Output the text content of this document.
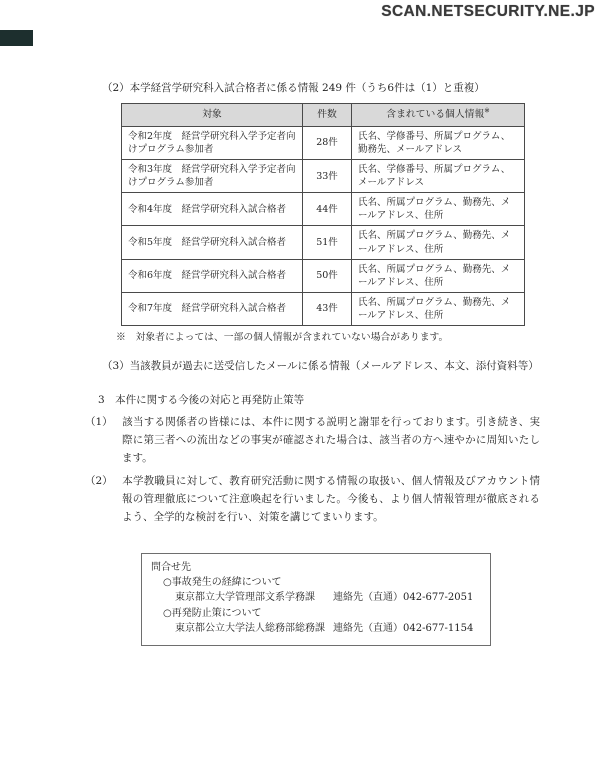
SCAN.NETSECURITY.NE.JP

（2）本学経営学研究科入試合格者に係る情報 249 件（うち6件は（1）と重複）

対象	件数	含まれている個人情報※
令和2年度　経営学研究科入学予定者向けプログラム参加者	28件	氏名、学修番号、所属プログラム、勤務先、メールアドレス
令和3年度　経営学研究科入学予定者向けプログラム参加者	33件	氏名、学修番号、所属プログラム、メールアドレス
令和4年度　経営学研究科入試合格者	44件	氏名、所属プログラム、勤務先、メールアドレス、住所
令和5年度　経営学研究科入試合格者	51件	氏名、所属プログラム、勤務先、メールアドレス、住所
令和6年度　経営学研究科入試合格者	50件	氏名、所属プログラム、勤務先、メールアドレス、住所
令和7年度　経営学研究科入試合格者	43件	氏名、所属プログラム、勤務先、メールアドレス、住所

※　対象者によっては、一部の個人情報が含まれていない場合があります。

（3）当該教員が過去に送受信したメールに係る情報（メールアドレス、本文、添付資料等）

3　本件に関する今後の対応と再発防止策等

（1） 該当する関係者の皆様には、本件に関する説明と謝罪を行っております。引き続き、実際に第三者への流出などの事実が確認された場合は、該当者の方へ速やかに周知いたします。

（2） 本学教職員に対して、教育研究活動に関する情報の取扱い、個人情報及びアカウント情報の管理徹底について注意喚起を行いました。今後も、より個人情報管理が徹底されるよう、全学的な検討を行い、対策を講じてまいります。

問合せ先

○事故発生の経緯について
東京都立大学管理部文系学務課	連絡先（直通）042-677-2051
○再発防止策について
東京都公立大学法人総務部総務課 連絡先（直通）042-677-1154
